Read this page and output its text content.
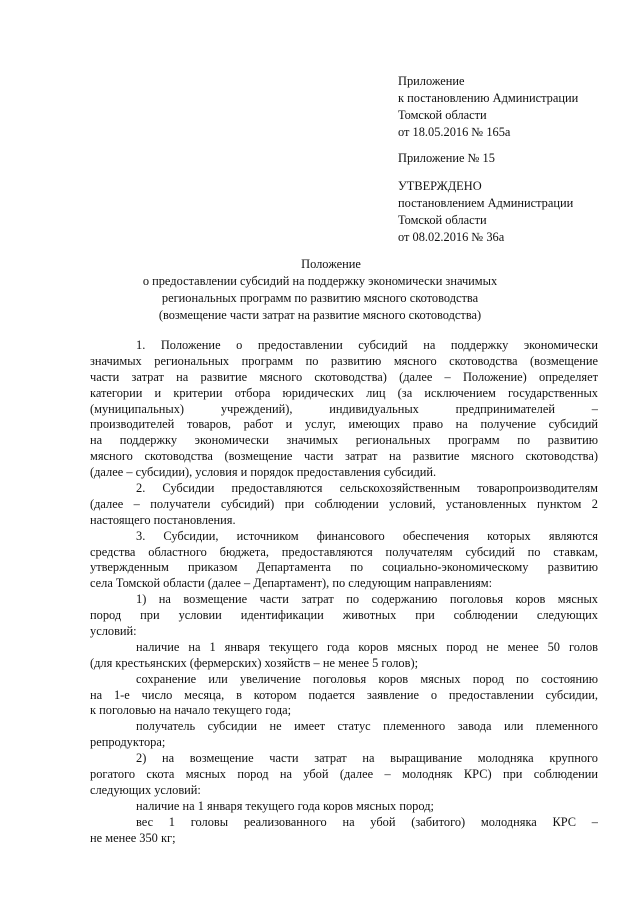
Приложение
к постановлению Администрации
Томской области
от 18.05.2016 № 165а
Приложение № 15
УТВЕРЖДЕНО
постановлением Администрации
Томской области
от 08.02.2016 № 36а
Положение
о предоставлении субсидий на поддержку экономически значимых
региональных программ по развитию мясного скотоводства
(возмещение части затрат на развитие мясного скотоводства)
1. Положение о предоставлении субсидий на поддержку экономически
значимых региональных программ по развитию мясного скотоводства (возмещение
части затрат на развитие мясного скотоводства) (далее – Положение) определяет
категории и критерии отбора юридических лиц (за исключением государственных
(муниципальных) учреждений), индивидуальных предпринимателей –
производителей товаров, работ и услуг, имеющих право на получение субсидий
на поддержку экономически значимых региональных программ по развитию
мясного скотоводства (возмещение части затрат на развитие мясного скотоводства)
(далее – субсидии), условия и порядок предоставления субсидий.
2. Субсидии предоставляются сельскохозяйственным товаропроизводителям
(далее – получатели субсидий) при соблюдении условий, установленных пунктом 2
настоящего постановления.
3. Субсидии, источником финансового обеспечения которых являются
средства областного бюджета, предоставляются получателям субсидий по ставкам,
утвержденным приказом Департамента по социально-экономическому развитию
села Томской области (далее – Департамент), по следующим направлениям:
1) на возмещение части затрат по содержанию поголовья коров мясных
пород при условии идентификации животных при соблюдении следующих
условий:
наличие на 1 января текущего года коров мясных пород не менее 50 голов
(для крестьянских (фермерских) хозяйств – не менее 5 голов);
сохранение или увеличение поголовья коров мясных пород по состоянию
на 1-е число месяца, в котором подается заявление о предоставлении субсидии,
к поголовью на начало текущего года;
получатель субсидии не имеет статус племенного завода или племенного
репродуктора;
2) на возмещение части затрат на выращивание молодняка крупного
рогатого скота мясных пород на убой (далее – молодняк КРС) при соблюдении
следующих условий:
наличие на 1 января текущего года коров мясных пород;
вес 1 головы реализованного на убой (забитого) молодняка КРС –
не менее 350 кг;
